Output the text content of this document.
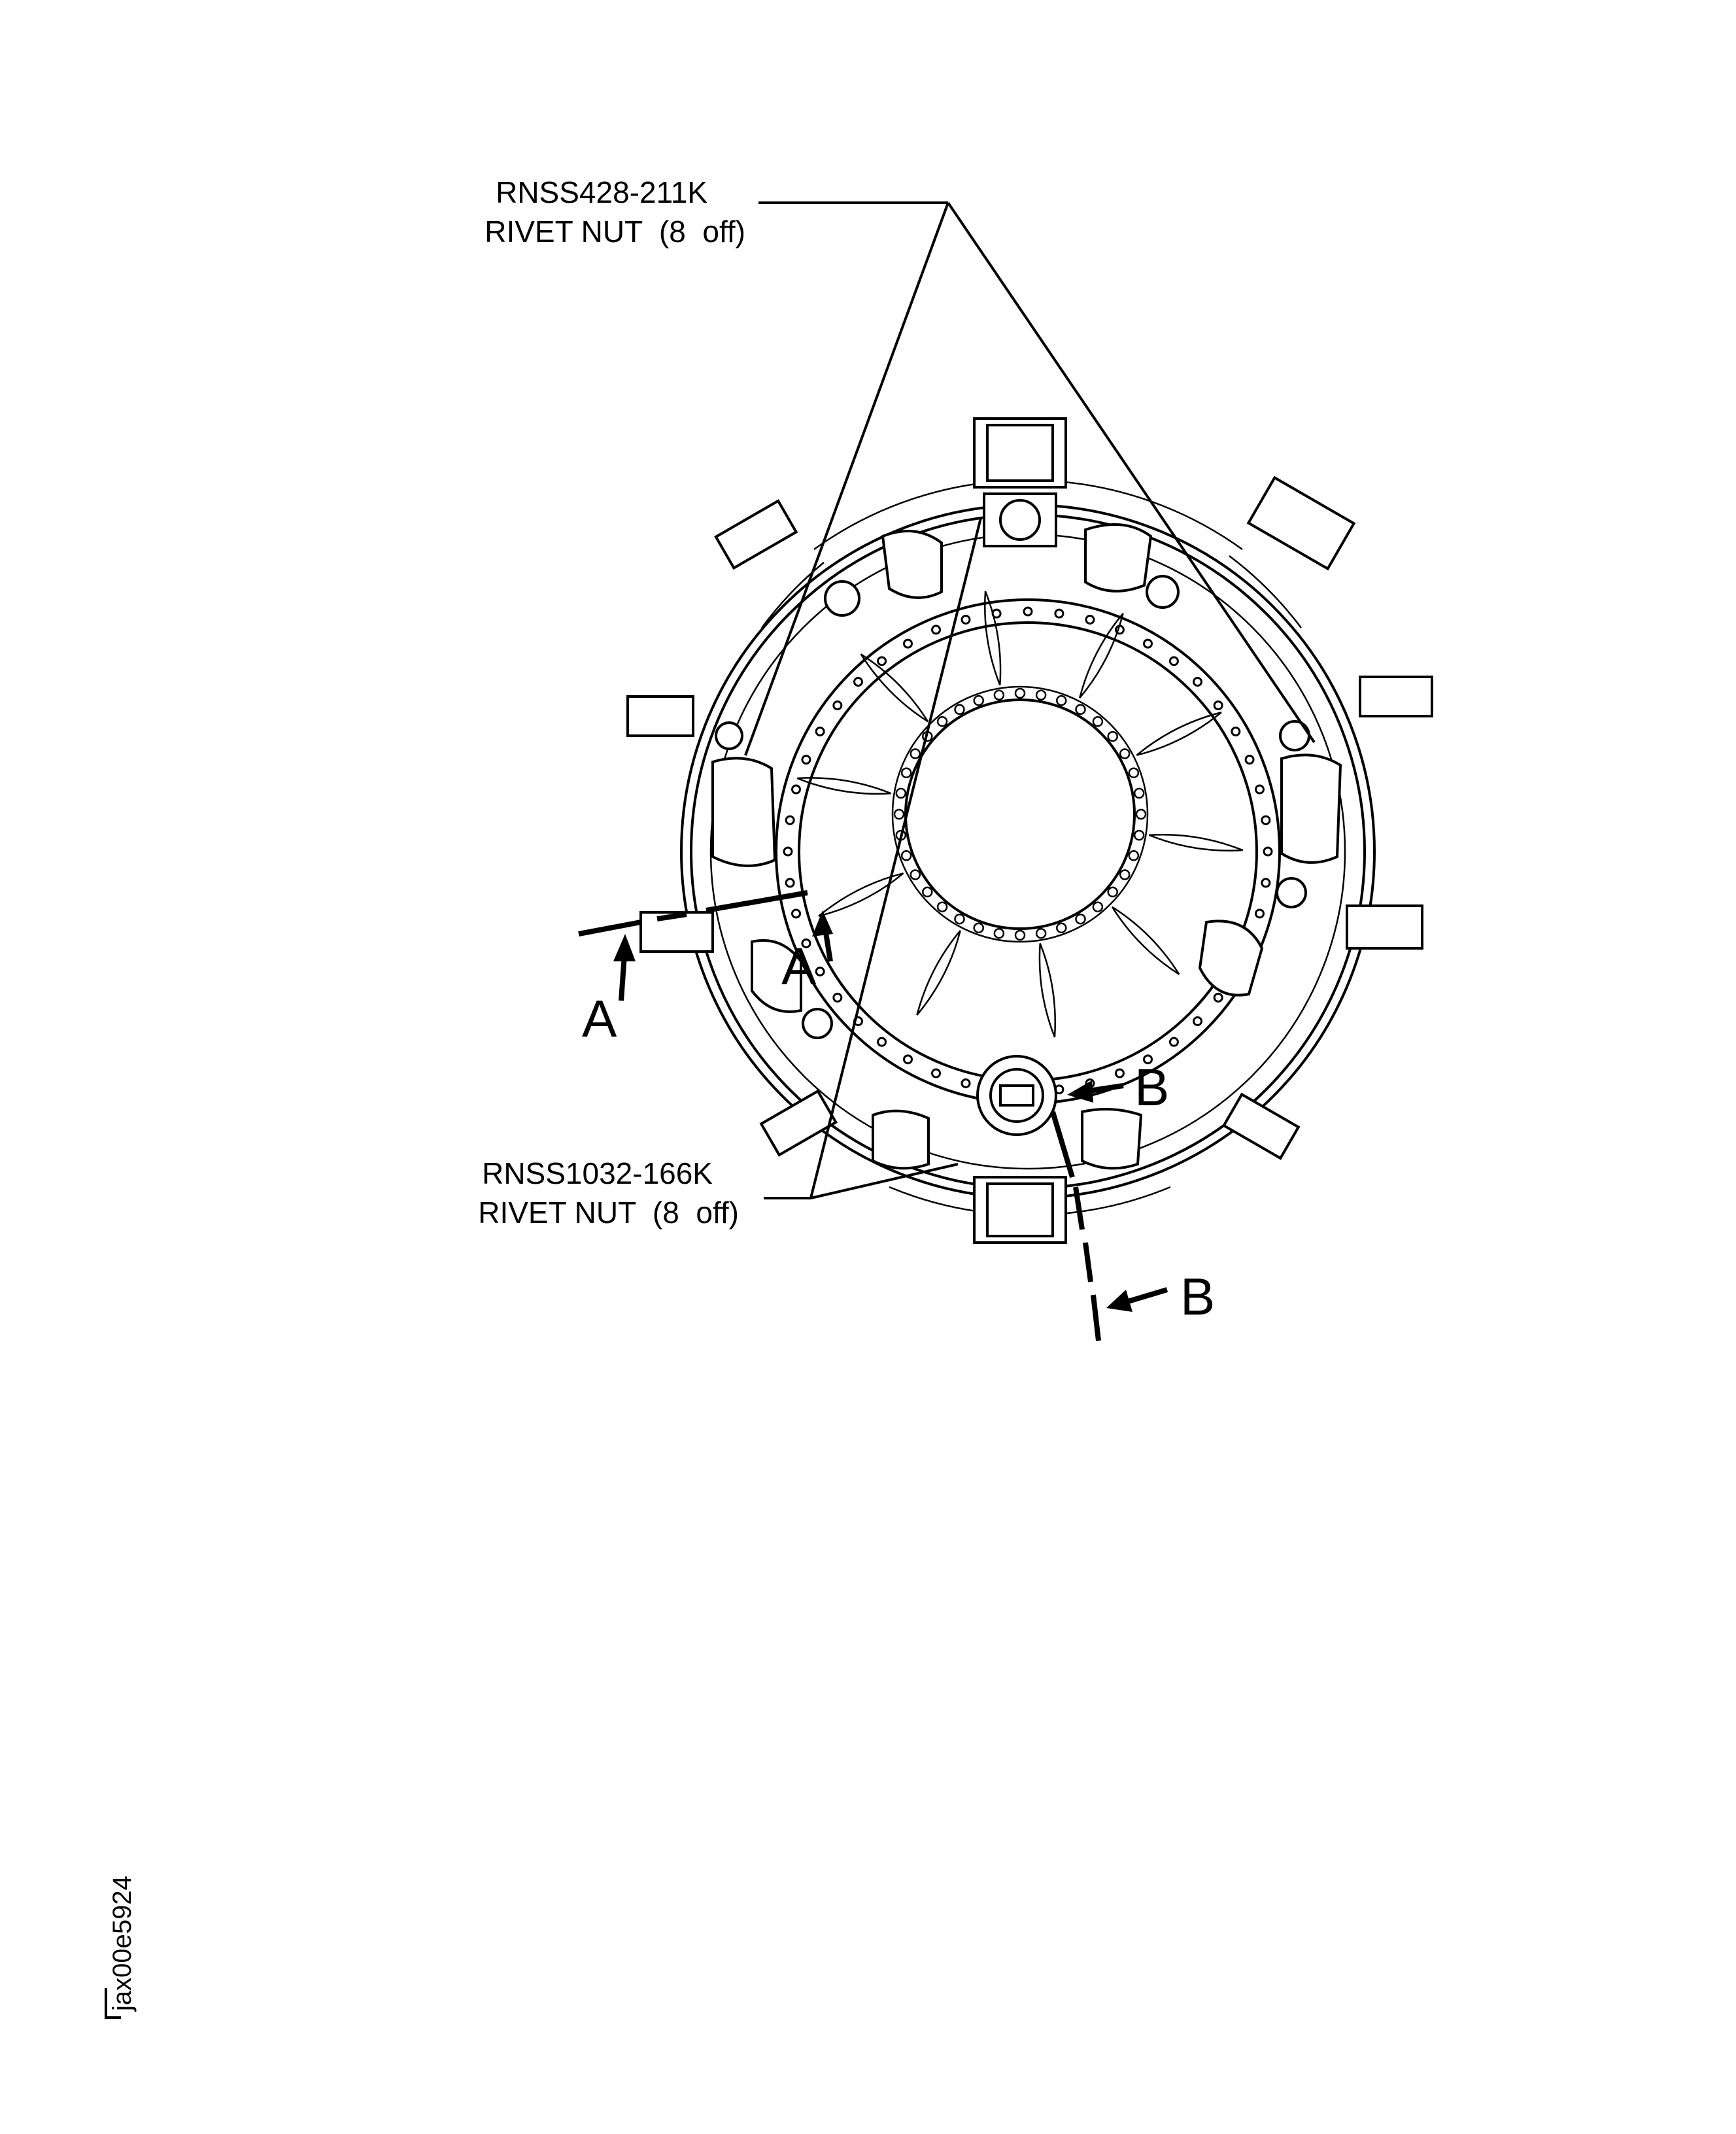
RNSS428-211K
RIVET NUT  (8  off)
RNSS1032-166K
RIVET NUT  (8  off)
A
A
B
B
jax00e5924
